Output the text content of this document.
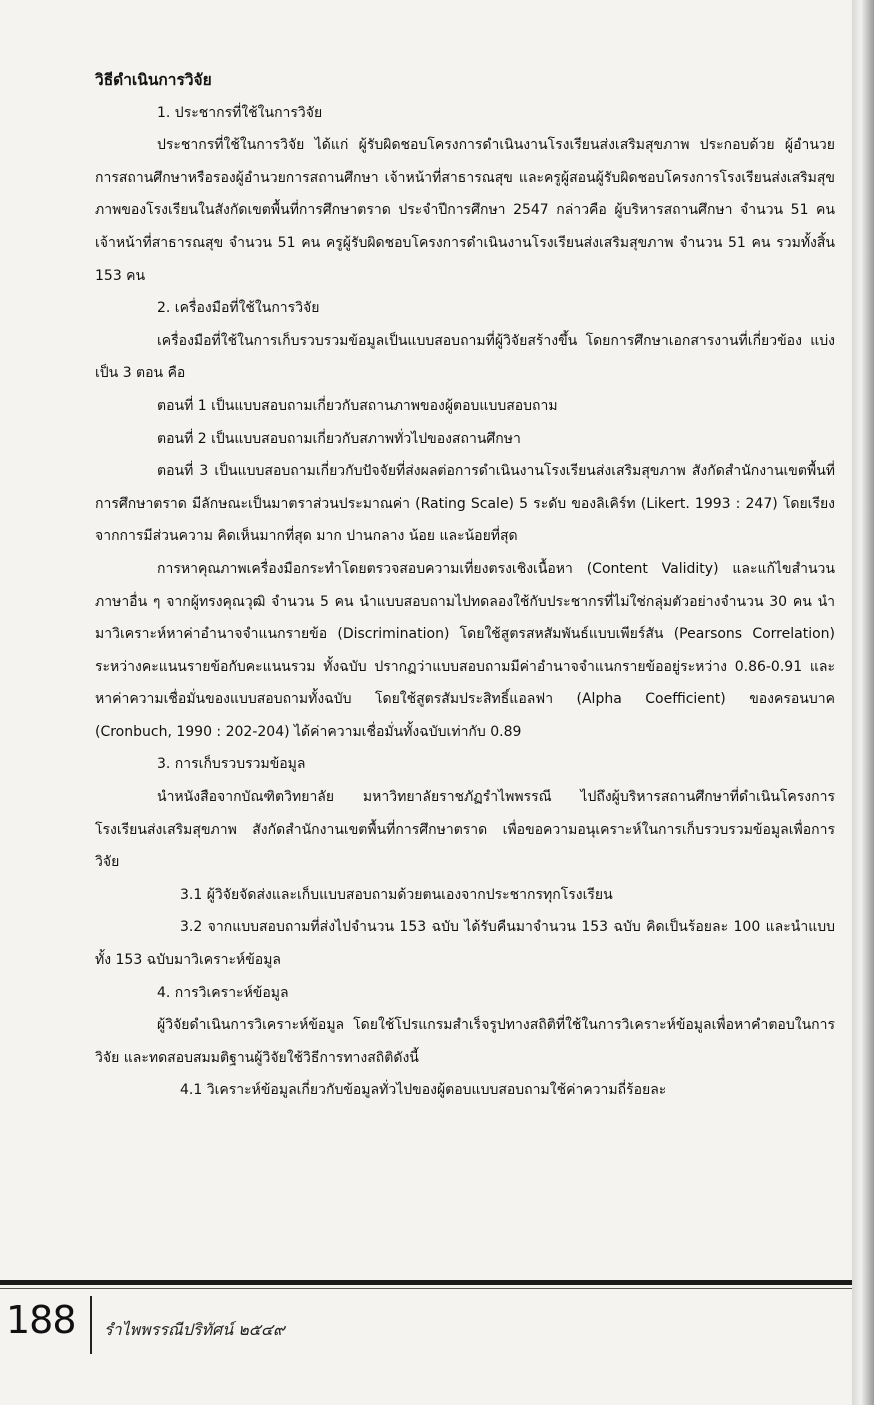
วิธีดำเนินการวิจัย

1. ประชากรที่ใช้ในการวิจัย

ประชากรที่ใช้ในการวิจัย ได้แก่ ผู้รับผิดชอบโครงการดำเนินงานโรงเรียนส่งเสริมสุขภาพ ประกอบด้วย ผู้อำนวยการสถานศึกษาหรือรองผู้อำนวยการสถานศึกษา เจ้าหน้าที่สาธารณสุข และครูผู้สอนผู้รับผิดชอบโครงการโรงเรียนส่งเสริมสุขภาพของโรงเรียนในสังกัดเขตพื้นที่การศึกษาตราด ประจำปีการศึกษา 2547 กล่าวคือ ผู้บริหารสถานศึกษา จำนวน 51 คน เจ้าหน้าที่สาธารณสุข จำนวน 51 คน ครูผู้รับผิดชอบโครงการดำเนินงานโรงเรียนส่งเสริมสุขภาพ จำนวน 51 คน รวมทั้งสิ้น 153 คน

2. เครื่องมือที่ใช้ในการวิจัย

เครื่องมือที่ใช้ในการเก็บรวบรวมข้อมูลเป็นแบบสอบถามที่ผู้วิจัยสร้างขึ้น โดยการศึกษาเอกสารงานที่เกี่ยวข้อง แบ่งเป็น 3 ตอน คือ

ตอนที่ 1 เป็นแบบสอบถามเกี่ยวกับสถานภาพของผู้ตอบแบบสอบถาม

ตอนที่ 2 เป็นแบบสอบถามเกี่ยวกับสภาพทั่วไปของสถานศึกษา

ตอนที่ 3 เป็นแบบสอบถามเกี่ยวกับปัจจัยที่ส่งผลต่อการดำเนินงานโรงเรียนส่งเสริมสุขภาพ สังกัดสำนักงานเขตพื้นที่การศึกษาตราด มีลักษณะเป็นมาตราส่วนประมาณค่า (Rating Scale) 5 ระดับ ของลิเคิร์ท (Likert. 1993 : 247) โดยเรียงจากการมีส่วนความ คิดเห็นมากที่สุด มาก ปานกลาง น้อย และน้อยที่สุด

การหาคุณภาพเครื่องมือกระทำโดยตรวจสอบความเที่ยงตรงเชิงเนื้อหา (Content Validity) และแก้ไขสำนวนภาษาอื่น ๆ จากผู้ทรงคุณวุฒิ จำนวน 5 คน นำแบบสอบถามไปทดลองใช้กับประชากรที่ไม่ใช่กลุ่มตัวอย่างจำนวน 30 คน นำมาวิเคราะห์หาค่าอำนาจจำแนกรายข้อ (Discrimination) โดยใช้สูตรสหสัมพันธ์แบบเพียร์สัน (Pearsons Correlation) ระหว่างคะแนนรายข้อกับคะแนนรวม ทั้งฉบับ ปรากฏว่าแบบสอบถามมีค่าอำนาจจำแนกรายข้ออยู่ระหว่าง 0.86-0.91 และหาค่าความเชื่อมั่นของแบบสอบถามทั้งฉบับ โดยใช้สูตรสัมประสิทธิ์แอลฟา (Alpha Coefficient) ของครอนบาค (Cronbuch, 1990 : 202-204) ได้ค่าความเชื่อมั่นทั้งฉบับเท่ากับ 0.89

3. การเก็บรวบรวมข้อมูล

นำหนังสือจากบัณฑิตวิทยาลัย มหาวิทยาลัยราชภัฏรำไพพรรณี ไปถึงผู้บริหารสถานศึกษาที่ดำเนินโครงการโรงเรียนส่งเสริมสุขภาพ สังกัดสำนักงานเขตพื้นที่การศึกษาตราด เพื่อขอความอนุเคราะห์ในการเก็บรวบรวมข้อมูลเพื่อการวิจัย

3.1 ผู้วิจัยจัดส่งและเก็บแบบสอบถามด้วยตนเองจากประชากรทุกโรงเรียน

3.2 จากแบบสอบถามที่ส่งไปจำนวน 153 ฉบับ ได้รับคืนมาจำนวน 153 ฉบับ คิดเป็นร้อยละ 100 และนำแบบทั้ง 153 ฉบับมาวิเคราะห์ข้อมูล

4. การวิเคราะห์ข้อมูล

ผู้วิจัยดำเนินการวิเคราะห์ข้อมูล โดยใช้โปรแกรมสำเร็จรูปทางสถิติที่ใช้ในการวิเคราะห์ข้อมูลเพื่อหาคำตอบในการวิจัย และทดสอบสมมติฐานผู้วิจัยใช้วิธีการทางสถิติดังนี้

4.1 วิเคราะห์ข้อมูลเกี่ยวกับข้อมูลทั่วไปของผู้ตอบแบบสอบถามใช้ค่าความถี่ร้อยละ

188 รำไพพรรณีปริทัศน์ ๒๕๔๙
